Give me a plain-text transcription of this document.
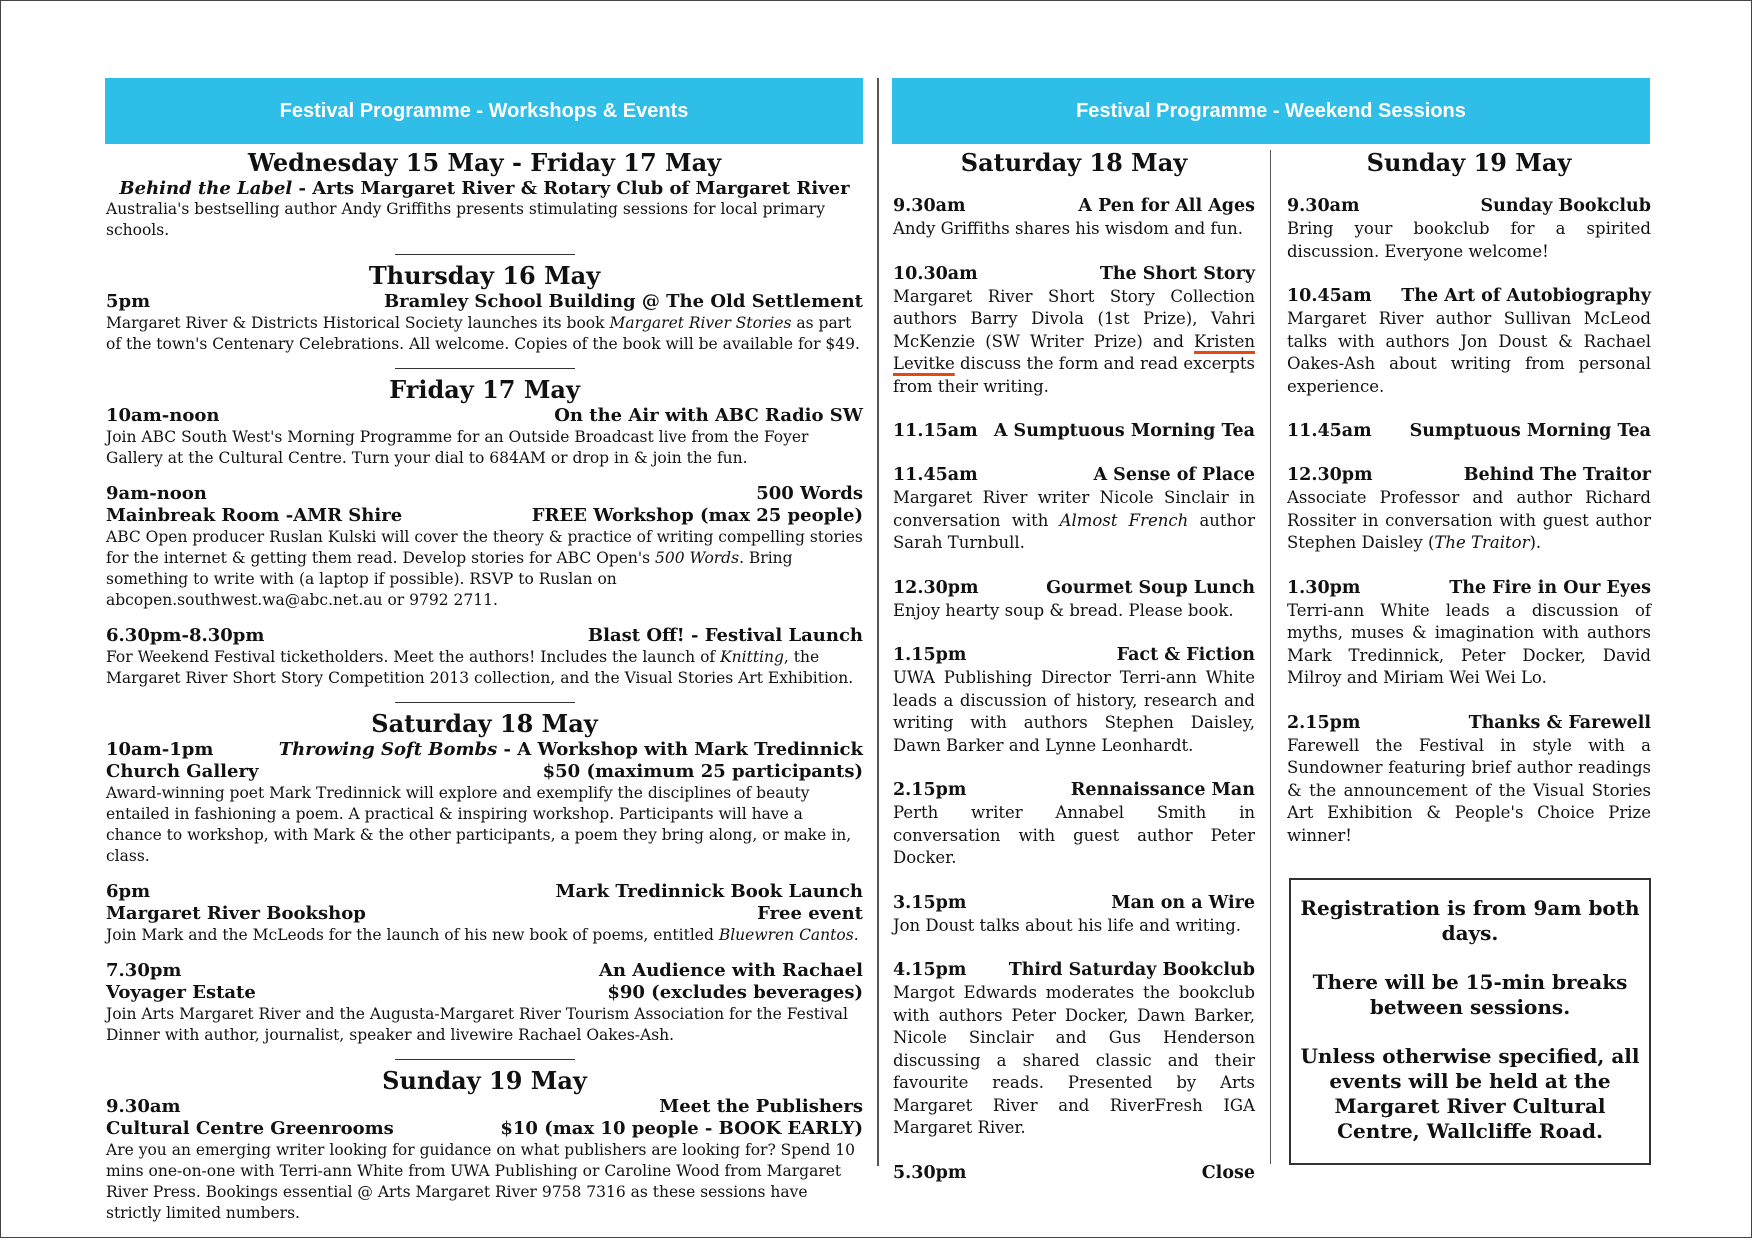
Festival Programme - Workshops & Events	Festival Programme - Weekend Sessions
Wednesday 15 May - Friday 17 May
Behind the Label - Arts Margaret River & Rotary Club of Margaret River
Australia's bestselling author Andy Griffiths presents stimulating sessions for local primary schools.
Thursday 16 May
5pm	Bramley School Building @ The Old Settlement
Margaret River & Districts Historical Society launches its book Margaret River Stories as part of the town's Centenary Celebrations. All welcome. Copies of the book will be available for $49.
Friday 17 May
10am-noon	On the Air with ABC Radio SW
Join ABC South West's Morning Programme for an Outside Broadcast live from the Foyer Gallery at the Cultural Centre. Turn your dial to 684AM or drop in & join the fun.
9am-noon	500 Words
Mainbreak Room -AMR Shire	FREE Workshop (max 25 people)
ABC Open producer Ruslan Kulski will cover the theory & practice of writing compelling stories for the internet & getting them read. Develop stories for ABC Open's 500 Words. Bring something to write with (a laptop if possible). RSVP to Ruslan on abcopen.southwest.wa@abc.net.au or 9792 2711.
6.30pm-8.30pm	Blast Off! - Festival Launch
For Weekend Festival ticketholders. Meet the authors! Includes the launch of Knitting, the Margaret River Short Story Competition 2013 collection, and the Visual Stories Art Exhibition.
Saturday 18 May
10am-1pm	Throwing Soft Bombs - A Workshop with Mark Tredinnick
Church Gallery	$50 (maximum 25 participants)
Award-winning poet Mark Tredinnick will explore and exemplify the disciplines of beauty entailed in fashioning a poem. A practical & inspiring workshop. Participants will have a chance to workshop, with Mark & the other participants, a poem they bring along, or make in, class.
6pm	Mark Tredinnick Book Launch
Margaret River Bookshop	Free event
Join Mark and the McLeods for the launch of his new book of poems, entitled Bluewren Cantos.
7.30pm	An Audience with Rachael
Voyager Estate	$90 (excludes beverages)
Join Arts Margaret River and the Augusta-Margaret River Tourism Association for the Festival Dinner with author, journalist, speaker and livewire Rachael Oakes-Ash.
Sunday 19 May
9.30am	Meet the Publishers
Cultural Centre Greenrooms	$10 (max 10 people - BOOK EARLY)
Are you an emerging writer looking for guidance on what publishers are looking for? Spend 10 mins one-on-one with Terri-ann White from UWA Publishing or Caroline Wood from Margaret River Press. Bookings essential @ Arts Margaret River 9758 7316 as these sessions have strictly limited numbers.
Saturday 18 May
9.30am	A Pen for All Ages
Andy Griffiths shares his wisdom and fun.
10.30am	The Short Story
Margaret River Short Story Collection authors Barry Divola (1st Prize), Vahri McKenzie (SW Writer Prize) and Kristen Levitke discuss the form and read excerpts from their writing.
11.15am A Sumptuous Morning Tea
11.45am	A Sense of Place
Margaret River writer Nicole Sinclair in conversation with Almost French author Sarah Turnbull.
12.30pm	Gourmet Soup Lunch
Enjoy hearty soup & bread. Please book.
1.15pm	Fact & Fiction
UWA Publishing Director Terri-ann White leads a discussion of history, research and writing with authors Stephen Daisley, Dawn Barker and Lynne Leonhardt.
2.15pm	Rennaissance Man
Perth writer Annabel Smith in conversation with guest author Peter Docker.
3.15pm	Man on a Wire
Jon Doust talks about his life and writing.
4.15pm Third Saturday Bookclub
Margot Edwards moderates the bookclub with authors Peter Docker, Dawn Barker, Nicole Sinclair and Gus Henderson discussing a shared classic and their favourite reads. Presented by Arts Margaret River and RiverFresh IGA Margaret River.
5.30pm	Close
Sunday 19 May
9.30am	Sunday Bookclub
Bring your bookclub for a spirited discussion. Everyone welcome!
10.45am The Art of Autobiography
Margaret River author Sullivan McLeod talks with authors Jon Doust & Rachael Oakes-Ash about writing from personal experience.
11.45am Sumptuous Morning Tea
12.30pm	Behind The Traitor
Associate Professor and author Richard Rossiter in conversation with guest author Stephen Daisley (The Traitor).
1.30pm	The Fire in Our Eyes
Terri-ann White leads a discussion of myths, muses & imagination with authors Mark Tredinnick, Peter Docker, David Milroy and Miriam Wei Wei Lo.
2.15pm	Thanks & Farewell
Farewell the Festival in style with a Sundowner featuring brief author readings & the announcement of the Visual Stories Art Exhibition & People's Choice Prize winner!

Registration is from 9am both days.

There will be 15-min breaks between sessions.

Unless otherwise specified, all events will be held at the Margaret River Cultural Centre, Wallcliffe Road.
